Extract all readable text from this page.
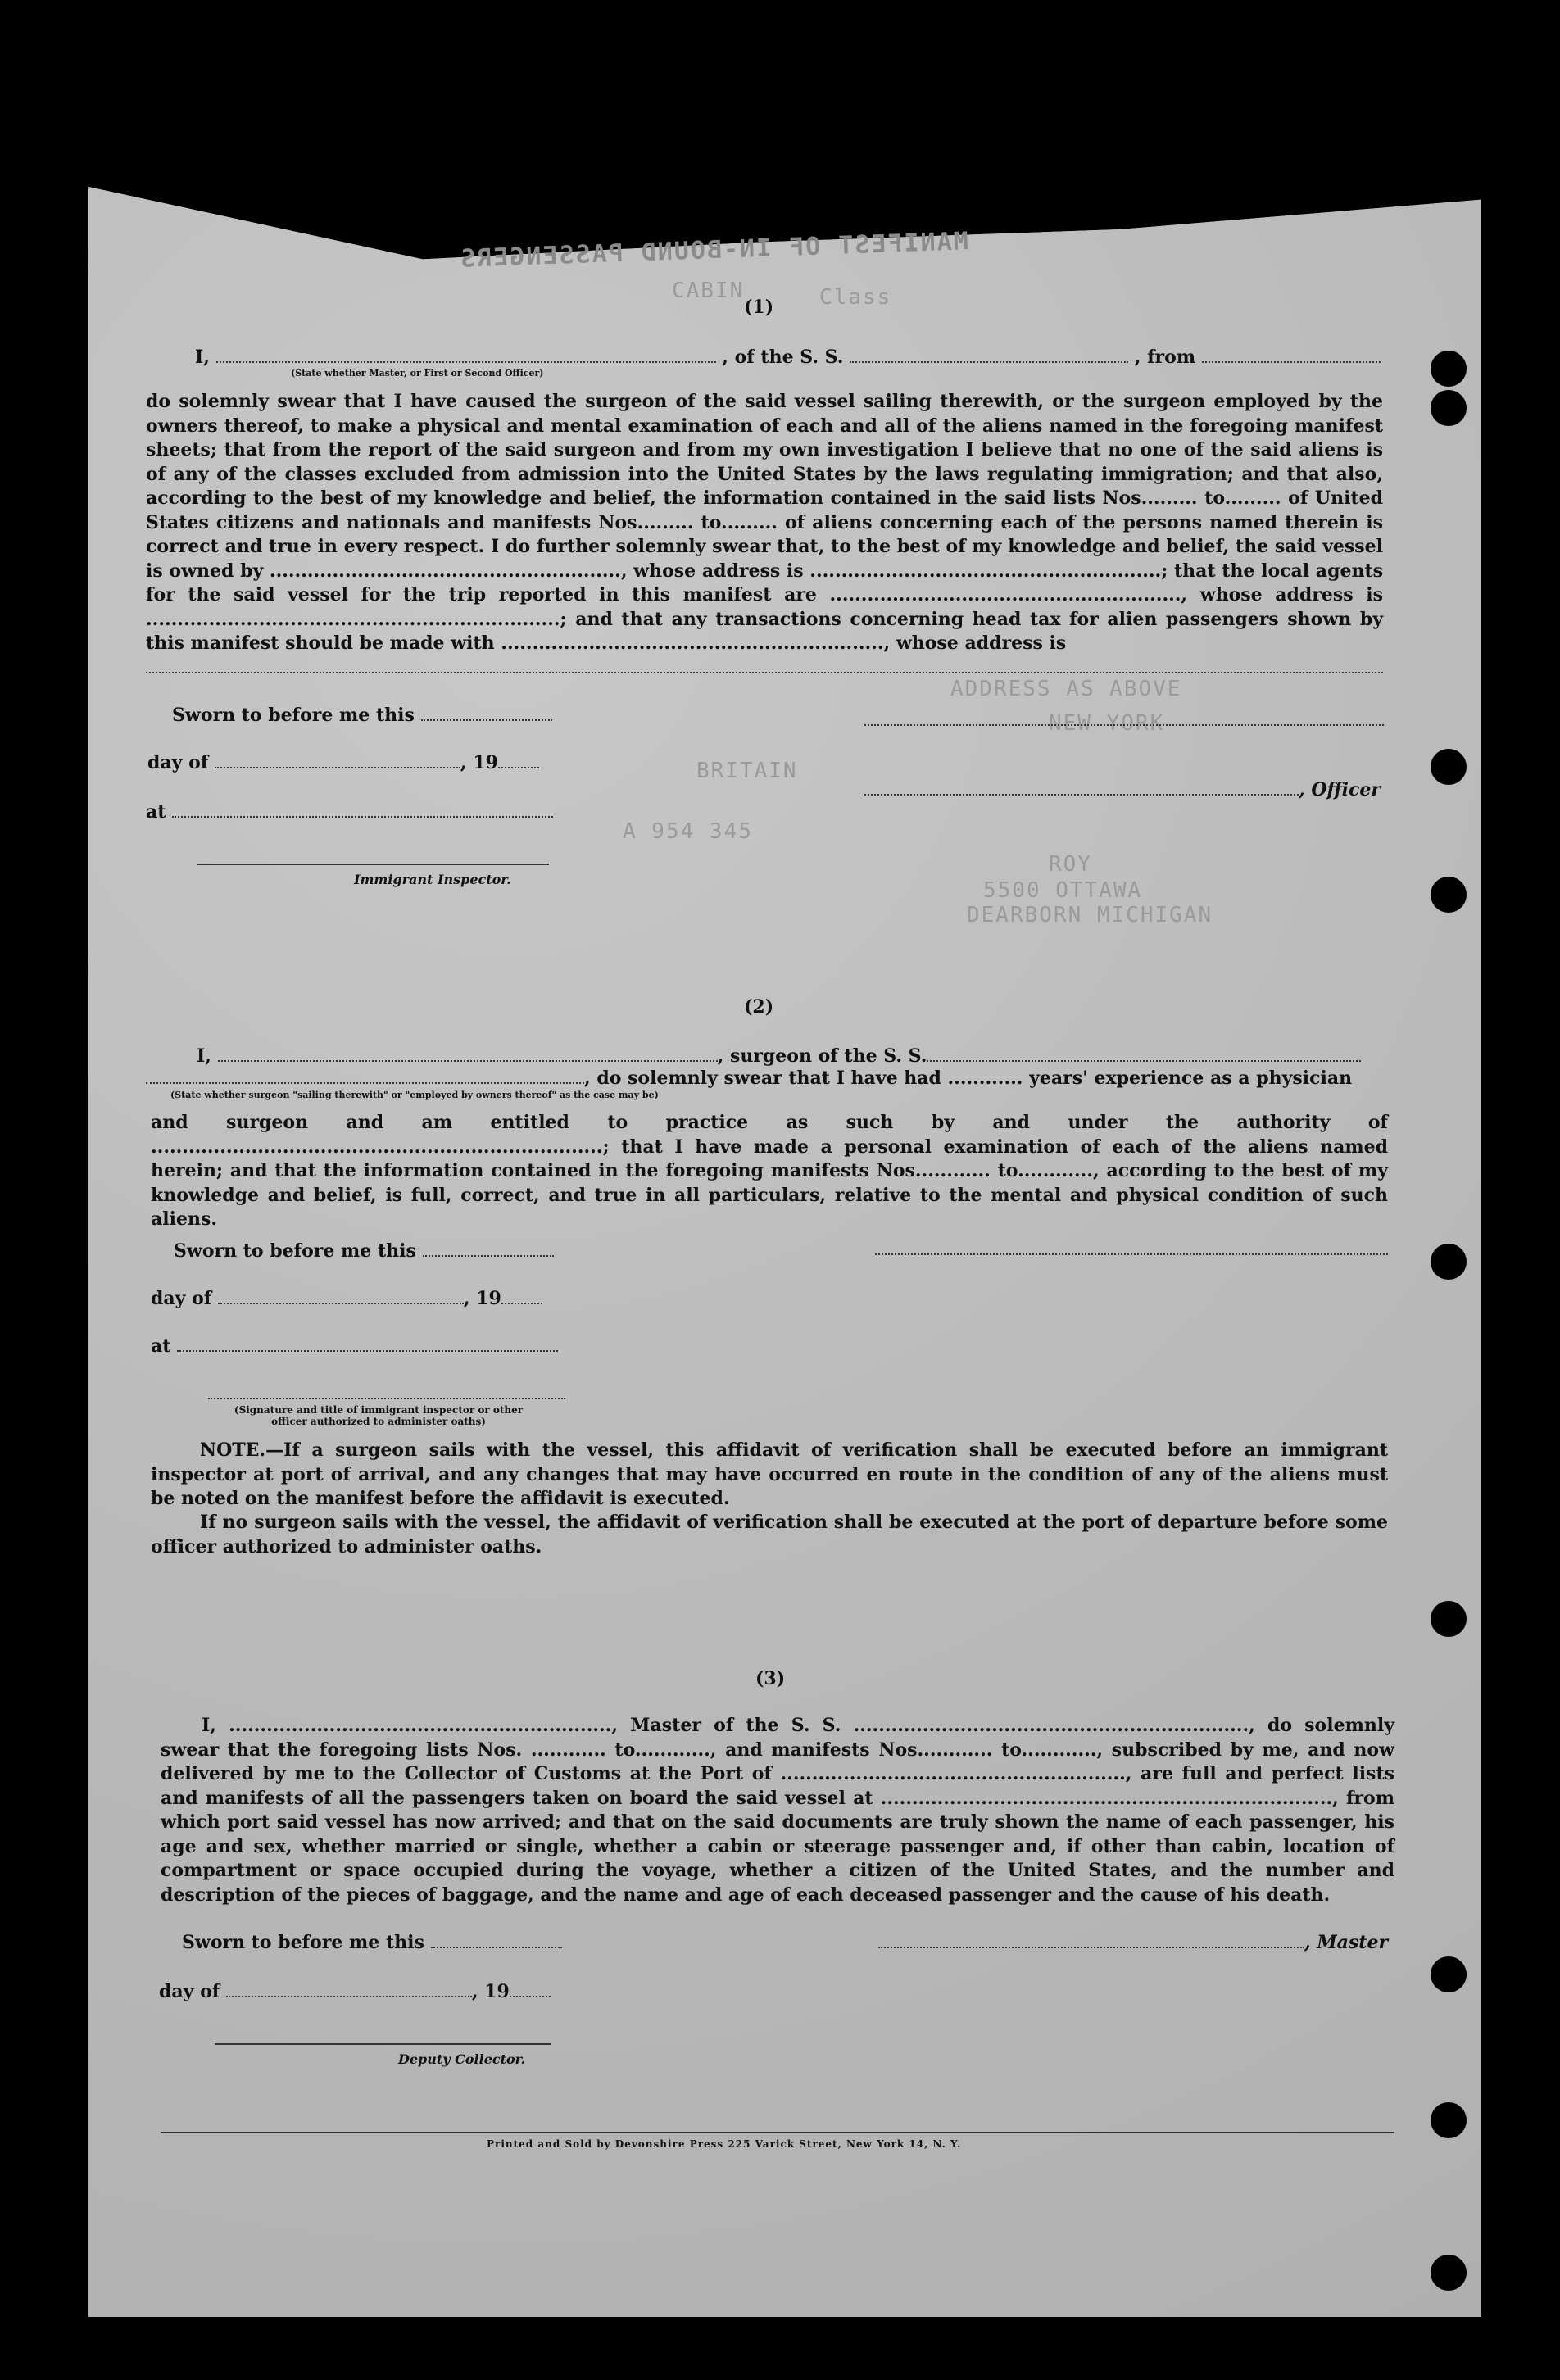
MANIFEST OF IN-BOUND PASSENGERS
Class
CABIN
ADDRESS AS ABOVE
NEW YORK
BRITAIN
A 954 345
ROY
5500 OTTAWA
DEARBORN MICHIGAN
(1)
I,	, of the S. S.	, from
(State whether Master, or First or Second Officer)
do solemnly swear that I have caused the surgeon of the said vessel sailing therewith, or the surgeon employed by the owners thereof, to make a physical and mental examination of each and all of the aliens named in the foregoing manifest sheets; that from the report of the said surgeon and from my own investigation I believe that no one of the said aliens is of any of the classes excluded from admission into the United States by the laws regulating immigration; and that also, according to the best of my knowledge and belief, the information contained in the said lists Nos......... to......... of United States citizens and nationals and manifests Nos......... to......... of aliens concerning each of the persons named therein is correct and true in every respect. I do further solemnly swear that, to the best of my knowledge and belief, the said vessel is owned by ........................................................, whose address is ........................................................; that the local agents for the said vessel for the trip reported in this manifest are ........................................................, whose address is ..................................................................; and that any transactions concerning head tax for alien passengers shown by this manifest should be made with ............................................................., whose address is
Sworn to before me this
day of	, 19
, Officer
at
Immigrant Inspector.
(2)
I,	, surgeon of the S. S.
, do solemnly swear that I have had ............ years' experience as a physician
(State whether surgeon "sailing therewith" or "employed by owners thereof" as the case may be)
and surgeon and am entitled to practice as such by and under the authority of ........................................................................; that I have made a personal examination of each of the aliens named herein; and that the information contained in the foregoing manifests Nos............ to............, according to the best of my knowledge and belief, is full, correct, and true in all particulars, relative to the mental and physical condition of such aliens.
Sworn to before me this
day of	, 19
at
(Signature and title of immigrant inspector or other officer authorized to administer oaths)
NOTE.—If a surgeon sails with the vessel, this affidavit of verification shall be executed before an immigrant inspector at port of arrival, and any changes that may have occurred en route in the condition of any of the aliens must be noted on the manifest before the affidavit is executed.
If no surgeon sails with the vessel, the affidavit of verification shall be executed at the port of departure before some officer authorized to administer oaths.
(3)
I, ............................................................., Master of the S. S. ..............................................................., do solemnly swear that the foregoing lists Nos. ............ to............, and manifests Nos............ to............, subscribed by me, and now delivered by me to the Collector of Customs at the Port of ......................................................., are full and perfect lists and manifests of all the passengers taken on board the said vessel at ........................................................................, from which port said vessel has now arrived; and that on the said documents are truly shown the name of each passenger, his age and sex, whether married or single, whether a cabin or steerage passenger and, if other than cabin, location of compartment or space occupied during the voyage, whether a citizen of the United States, and the number and description of the pieces of baggage, and the name and age of each deceased passenger and the cause of his death.
Sworn to before me this	, Master
day of	, 19
Deputy Collector.
Printed and Sold by Devonshire Press 225 Varick Street, New York 14, N. Y.
